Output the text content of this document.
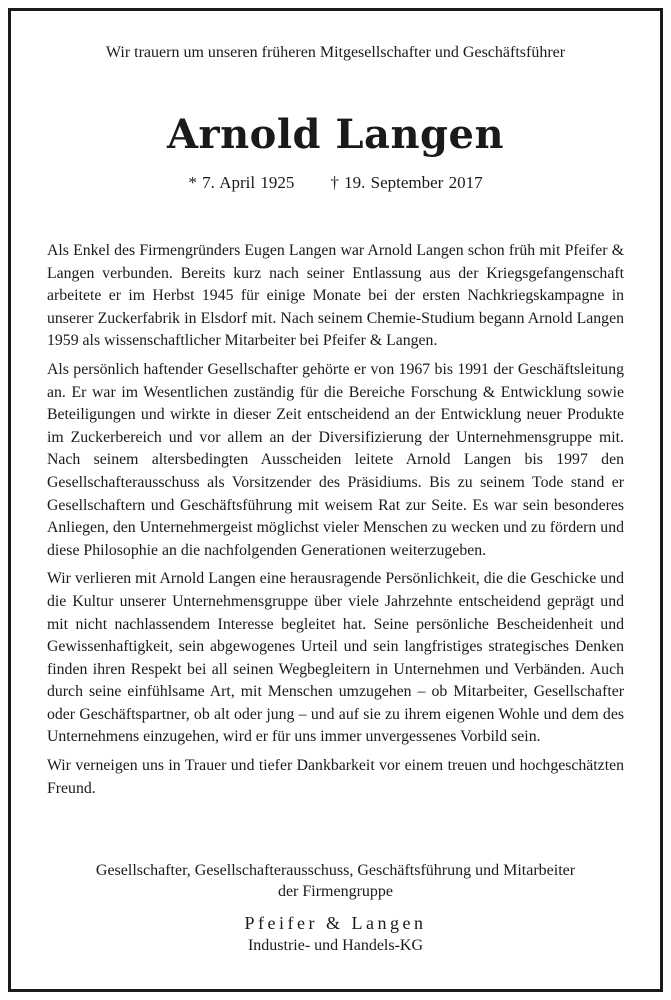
Wir trauern um unseren früheren Mitgesellschafter und Geschäftsführer
Arnold Langen
* 7. April 1925 † 19. September 2017

Als Enkel des Firmengründers Eugen Langen war Arnold Langen schon früh mit Pfeifer & Langen verbunden. Bereits kurz nach seiner Entlassung aus der Kriegsgefangenschaft arbeitete er im Herbst 1945 für einige Monate bei der ersten Nachkriegskampagne in unserer Zuckerfabrik in Elsdorf mit. Nach seinem Chemie-Studium begann Arnold Langen 1959 als wissenschaftlicher Mitarbeiter bei Pfeifer & Langen.

Als persönlich haftender Gesellschafter gehörte er von 1967 bis 1991 der Geschäftsleitung an. Er war im Wesentlichen zuständig für die Bereiche Forschung & Entwicklung sowie Beteiligungen und wirkte in dieser Zeit entscheidend an der Entwicklung neuer Produkte im Zuckerbereich und vor allem an der Diversifizierung der Unternehmensgruppe mit. Nach seinem altersbedingten Ausscheiden leitete Arnold Langen bis 1997 den Gesellschafterausschuss als Vorsitzender des Präsidiums. Bis zu seinem Tode stand er Gesellschaftern und Geschäftsführung mit weisem Rat zur Seite. Es war sein besonderes Anliegen, den Unternehmergeist möglichst vieler Menschen zu wecken und zu fördern und diese Philosophie an die nachfolgenden Generationen weiterzugeben.

Wir verlieren mit Arnold Langen eine herausragende Persönlichkeit, die die Geschicke und die Kultur unserer Unternehmensgruppe über viele Jahrzehnte entscheidend geprägt und mit nicht nachlassendem Interesse begleitet hat. Seine persönliche Bescheidenheit und Gewissenhaftigkeit, sein abgewogenes Urteil und sein langfristiges strategisches Denken finden ihren Respekt bei all seinen Wegbegleitern in Unternehmen und Verbänden. Auch durch seine einfühlsame Art, mit Menschen umzugehen – ob Mitarbeiter, Gesellschafter oder Geschäftspartner, ob alt oder jung – und auf sie zu ihrem eigenen Wohle und dem des Unternehmens einzugehen, wird er für uns immer unvergessenes Vorbild sein.

Wir verneigen uns in Trauer und tiefer Dankbarkeit vor einem treuen und hochgeschätzten Freund.

Gesellschafter, Gesellschafterausschuss, Geschäftsführung und Mitarbeiter
der Firmengruppe
Pfeifer & Langen
Industrie- und Handels-KG
